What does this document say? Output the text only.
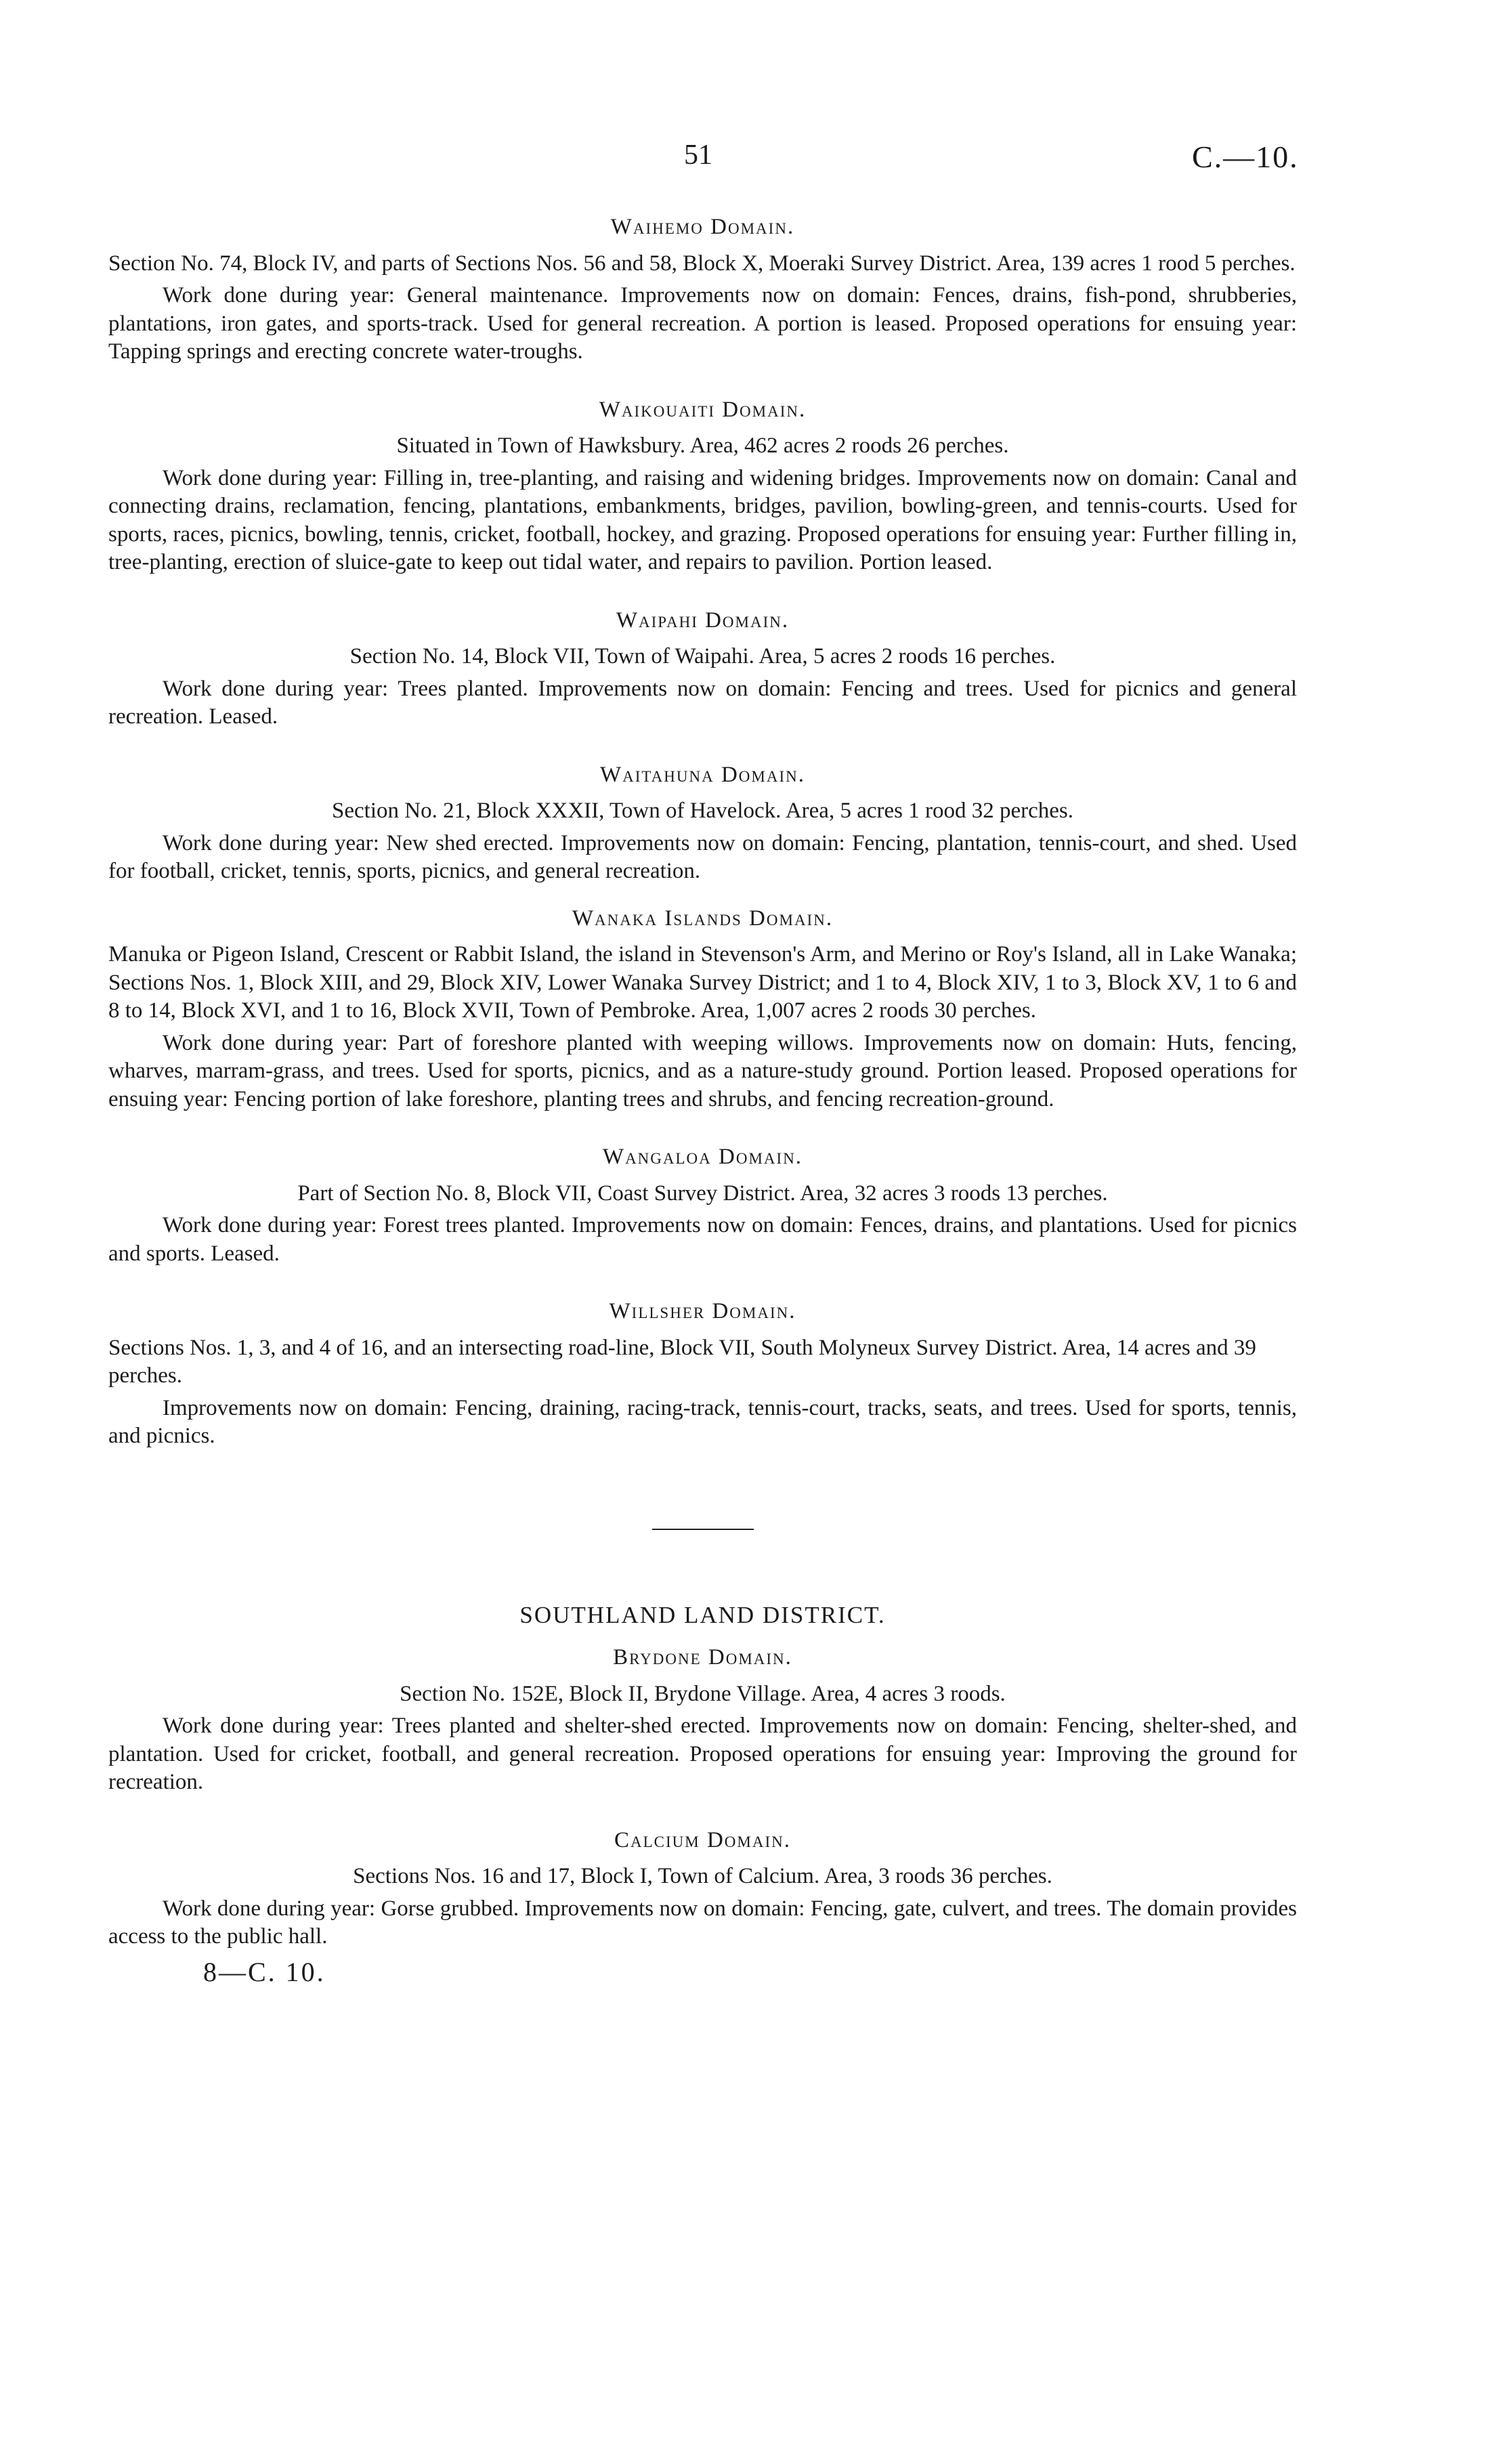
51	C.—10.
Waihemo Domain.

Section No. 74, Block IV, and parts of Sections Nos. 56 and 58, Block X, Moeraki Survey District. Area, 139 acres 1 rood 5 perches.

Work done during year: General maintenance. Improvements now on domain: Fences, drains, fish-pond, shrubberies, plantations, iron gates, and sports-track. Used for general recreation. A portion is leased. Proposed operations for ensuing year: Tapping springs and erecting concrete water-troughs.

Waikouaiti Domain.

Situated in Town of Hawksbury. Area, 462 acres 2 roods 26 perches.

Work done during year: Filling in, tree-planting, and raising and widening bridges. Improvements now on domain: Canal and connecting drains, reclamation, fencing, plantations, embankments, bridges, pavilion, bowling-green, and tennis-courts. Used for sports, races, picnics, bowling, tennis, cricket, football, hockey, and grazing. Proposed operations for ensuing year: Further filling in, tree-planting, erection of sluice-gate to keep out tidal water, and repairs to pavilion. Portion leased.

Waipahi Domain.

Section No. 14, Block VII, Town of Waipahi. Area, 5 acres 2 roods 16 perches.

Work done during year: Trees planted. Improvements now on domain: Fencing and trees. Used for picnics and general recreation. Leased.

Waitahuna Domain.

Section No. 21, Block XXXII, Town of Havelock. Area, 5 acres 1 rood 32 perches.

Work done during year: New shed erected. Improvements now on domain: Fencing, plantation, tennis-court, and shed. Used for football, cricket, tennis, sports, picnics, and general recreation.

Wanaka Islands Domain.

Manuka or Pigeon Island, Crescent or Rabbit Island, the island in Stevenson's Arm, and Merino or Roy's Island, all in Lake Wanaka; Sections Nos. 1, Block XIII, and 29, Block XIV, Lower Wanaka Survey District; and 1 to 4, Block XIV, 1 to 3, Block XV, 1 to 6 and 8 to 14, Block XVI, and 1 to 16, Block XVII, Town of Pembroke. Area, 1,007 acres 2 roods 30 perches.

Work done during year: Part of foreshore planted with weeping willows. Improvements now on domain: Huts, fencing, wharves, marram-grass, and trees. Used for sports, picnics, and as a nature-study ground. Portion leased. Proposed operations for ensuing year: Fencing portion of lake foreshore, planting trees and shrubs, and fencing recreation-ground.

Wangaloa Domain.

Part of Section No. 8, Block VII, Coast Survey District. Area, 32 acres 3 roods 13 perches.

Work done during year: Forest trees planted. Improvements now on domain: Fences, drains, and plantations. Used for picnics and sports. Leased.

Willsher Domain.

Sections Nos. 1, 3, and 4 of 16, and an intersecting road-line, Block VII, South Molyneux Survey District. Area, 14 acres and 39 perches.

Improvements now on domain: Fencing, draining, racing-track, tennis-court, tracks, seats, and trees. Used for sports, tennis, and picnics.

SOUTHLAND LAND DISTRICT.

Brydone Domain.

Section No. 152E, Block II, Brydone Village. Area, 4 acres 3 roods.

Work done during year: Trees planted and shelter-shed erected. Improvements now on domain: Fencing, shelter-shed, and plantation. Used for cricket, football, and general recreation. Proposed operations for ensuing year: Improving the ground for recreation.

Calcium Domain.

Sections Nos. 16 and 17, Block I, Town of Calcium. Area, 3 roods 36 perches.

Work done during year: Gorse grubbed. Improvements now on domain: Fencing, gate, culvert, and trees. The domain provides access to the public hall.

8—C. 10.
